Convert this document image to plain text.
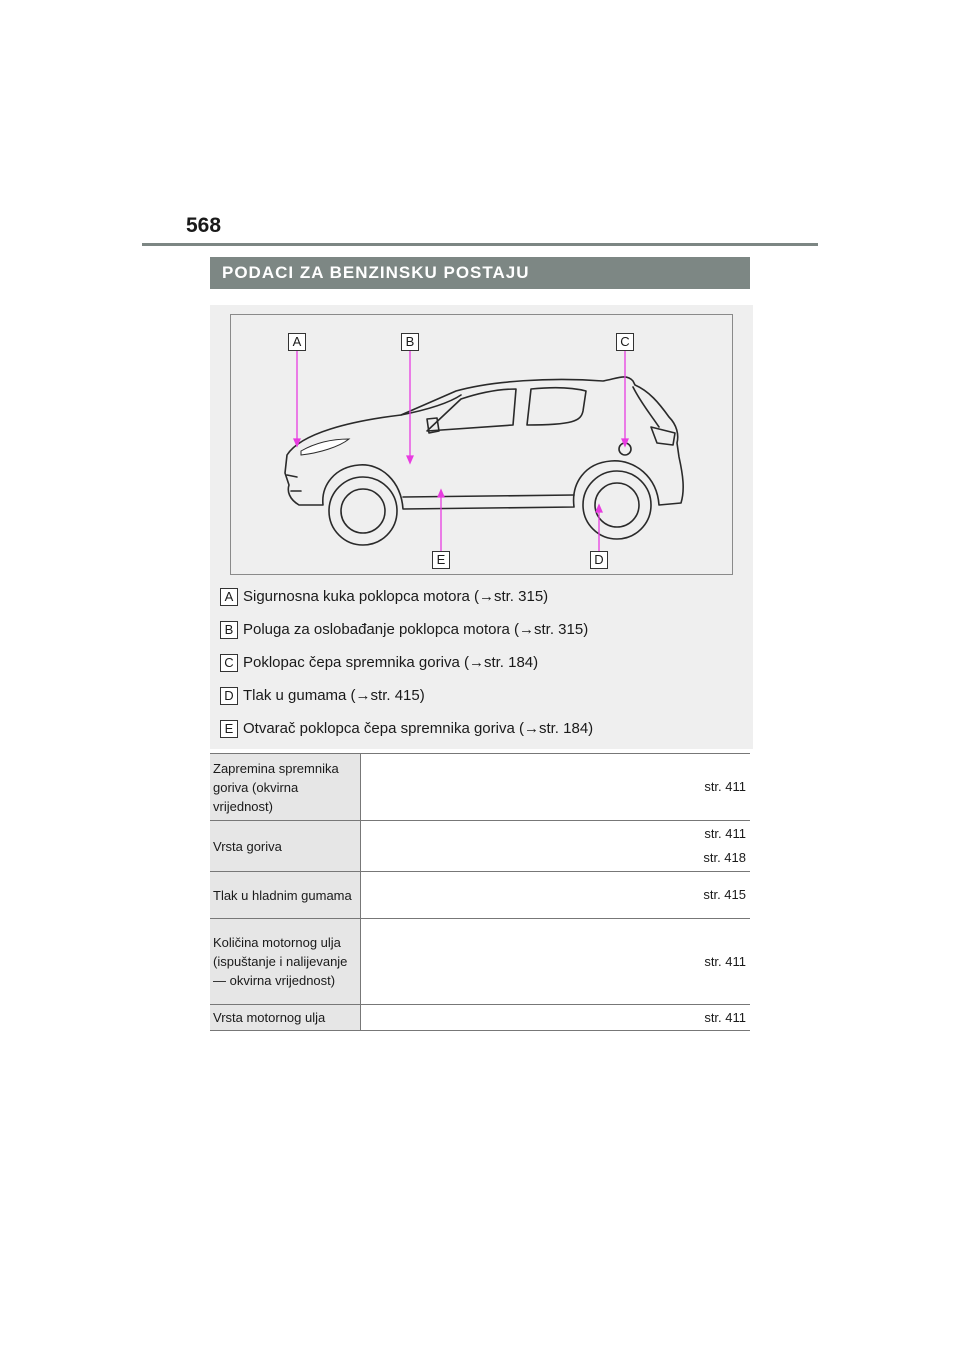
568
PODACI ZA BENZINSKU POSTAJU
A	B	C
D
E
A Sigurnosna kuka poklopca motora (→str. 315)
B Poluga za oslobađanje poklopca motora (→str. 315)
C Poklopac čepa spremnika goriva (→str. 184)
D Tlak u gumama (→str. 415)
E Otvarač poklopca čepa spremnika goriva (→str. 184)
Zapremina spremnika goriva (okvirna vrijednost)	str. 411

Vrsta goriva	str. 411
str. 418

Tlak u hladnim gumama	str. 415

Količina motornog ulja (ispuštanje i nalijevanje — okvirna vrijednost)	str. 411

Vrsta motornog ulja	str. 411
